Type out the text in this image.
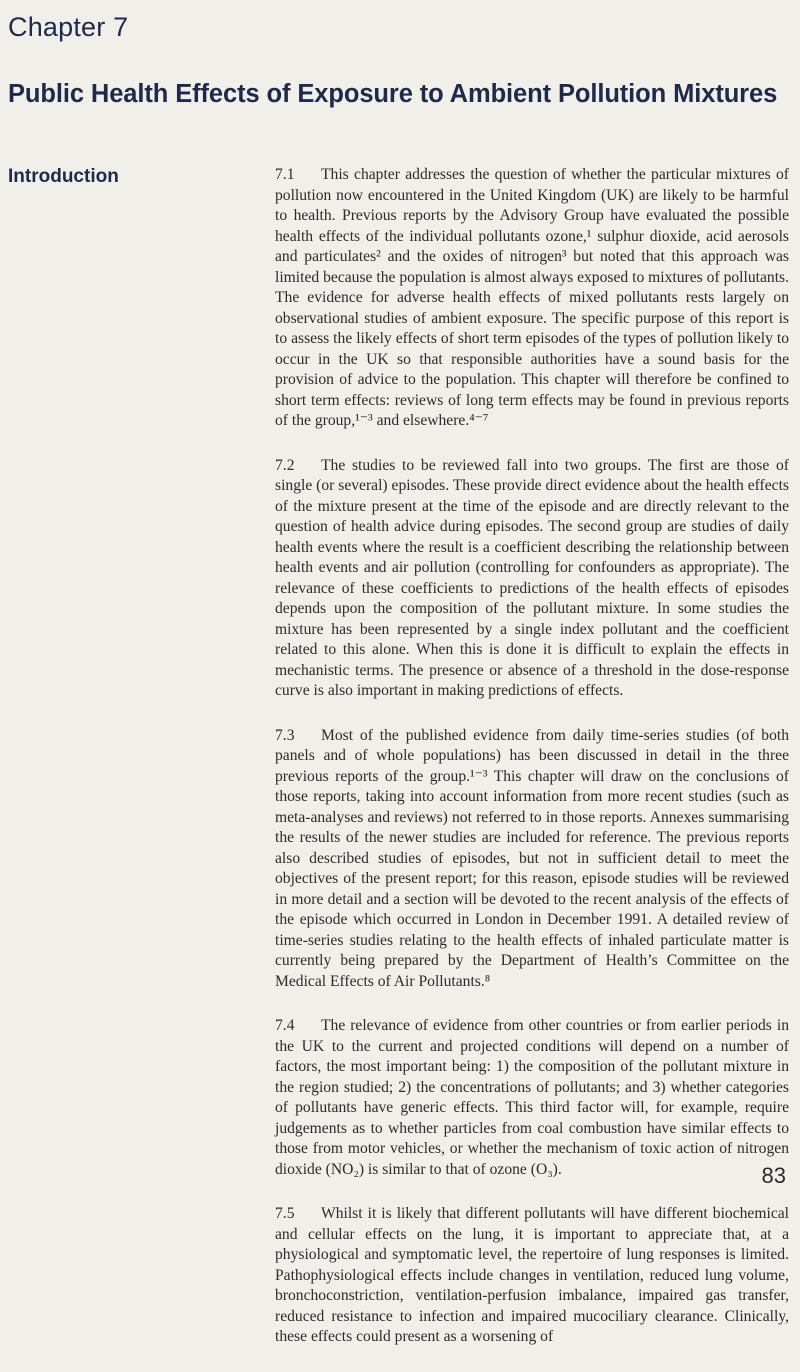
Chapter 7
Public Health Effects of Exposure to Ambient Pollution Mixtures
Introduction	7.1 This chapter addresses the question of whether the particular mixtures of pollution now encountered in the United Kingdom (UK) are likely to be harmful to health. Previous reports by the Advisory Group have evaluated the possible health effects of the individual pollutants ozone,¹ sulphur dioxide, acid aerosols and particulates² and the oxides of nitrogen³ but noted that this approach was limited because the population is almost always exposed to mixtures of pollutants. The evidence for adverse health effects of mixed pollutants rests largely on observational studies of ambient exposure. The specific purpose of this report is to assess the likely effects of short term episodes of the types of pollution likely to occur in the UK so that responsible authorities have a sound basis for the provision of advice to the population. This chapter will therefore be confined to short term effects: reviews of long term effects may be found in previous reports of the group,¹⁻³ and elsewhere.⁴⁻⁷

7.2 The studies to be reviewed fall into two groups. The first are those of single (or several) episodes. These provide direct evidence about the health effects of the mixture present at the time of the episode and are directly relevant to the question of health advice during episodes. The second group are studies of daily health events where the result is a coefficient describing the relationship between health events and air pollution (controlling for confounders as appropriate). The relevance of these coefficients to predictions of the health effects of episodes depends upon the composition of the pollutant mixture. In some studies the mixture has been represented by a single index pollutant and the coefficient related to this alone. When this is done it is difficult to explain the effects in mechanistic terms. The presence or absence of a threshold in the dose-response curve is also important in making predictions of effects.

7.3 Most of the published evidence from daily time-series studies (of both panels and of whole populations) has been discussed in detail in the three previous reports of the group.¹⁻³ This chapter will draw on the conclusions of those reports, taking into account information from more recent studies (such as meta-analyses and reviews) not referred to in those reports. Annexes summarising the results of the newer studies are included for reference. The previous reports also described studies of episodes, but not in sufficient detail to meet the objectives of the present report; for this reason, episode studies will be reviewed in more detail and a section will be devoted to the recent analysis of the effects of the episode which occurred in London in December 1991. A detailed review of time-series studies relating to the health effects of inhaled particulate matter is currently being prepared by the Department of Health’s Committee on the Medical Effects of Air Pollutants.⁸

7.4 The relevance of evidence from other countries or from earlier periods in the UK to the current and projected conditions will depend on a number of factors, the most important being: 1) the composition of the pollutant mixture in the region studied; 2) the concentrations of pollutants; and 3) whether categories of pollutants have generic effects. This third factor will, for example, require judgements as to whether particles from coal combustion have similar effects to those from motor vehicles, or whether the mechanism of toxic action of nitrogen dioxide (NO₂) is similar to that of ozone (O₃).

7.5 Whilst it is likely that different pollutants will have different biochemical and cellular effects on the lung, it is important to appreciate that, at a physiological and symptomatic level, the repertoire of lung responses is limited. Pathophysiological effects include changes in ventilation, reduced lung volume, bronchoconstriction, ventilation-perfusion imbalance, impaired gas transfer, reduced resistance to infection and impaired mucociliary clearance. Clinically, these effects could present as a worsening of

83
